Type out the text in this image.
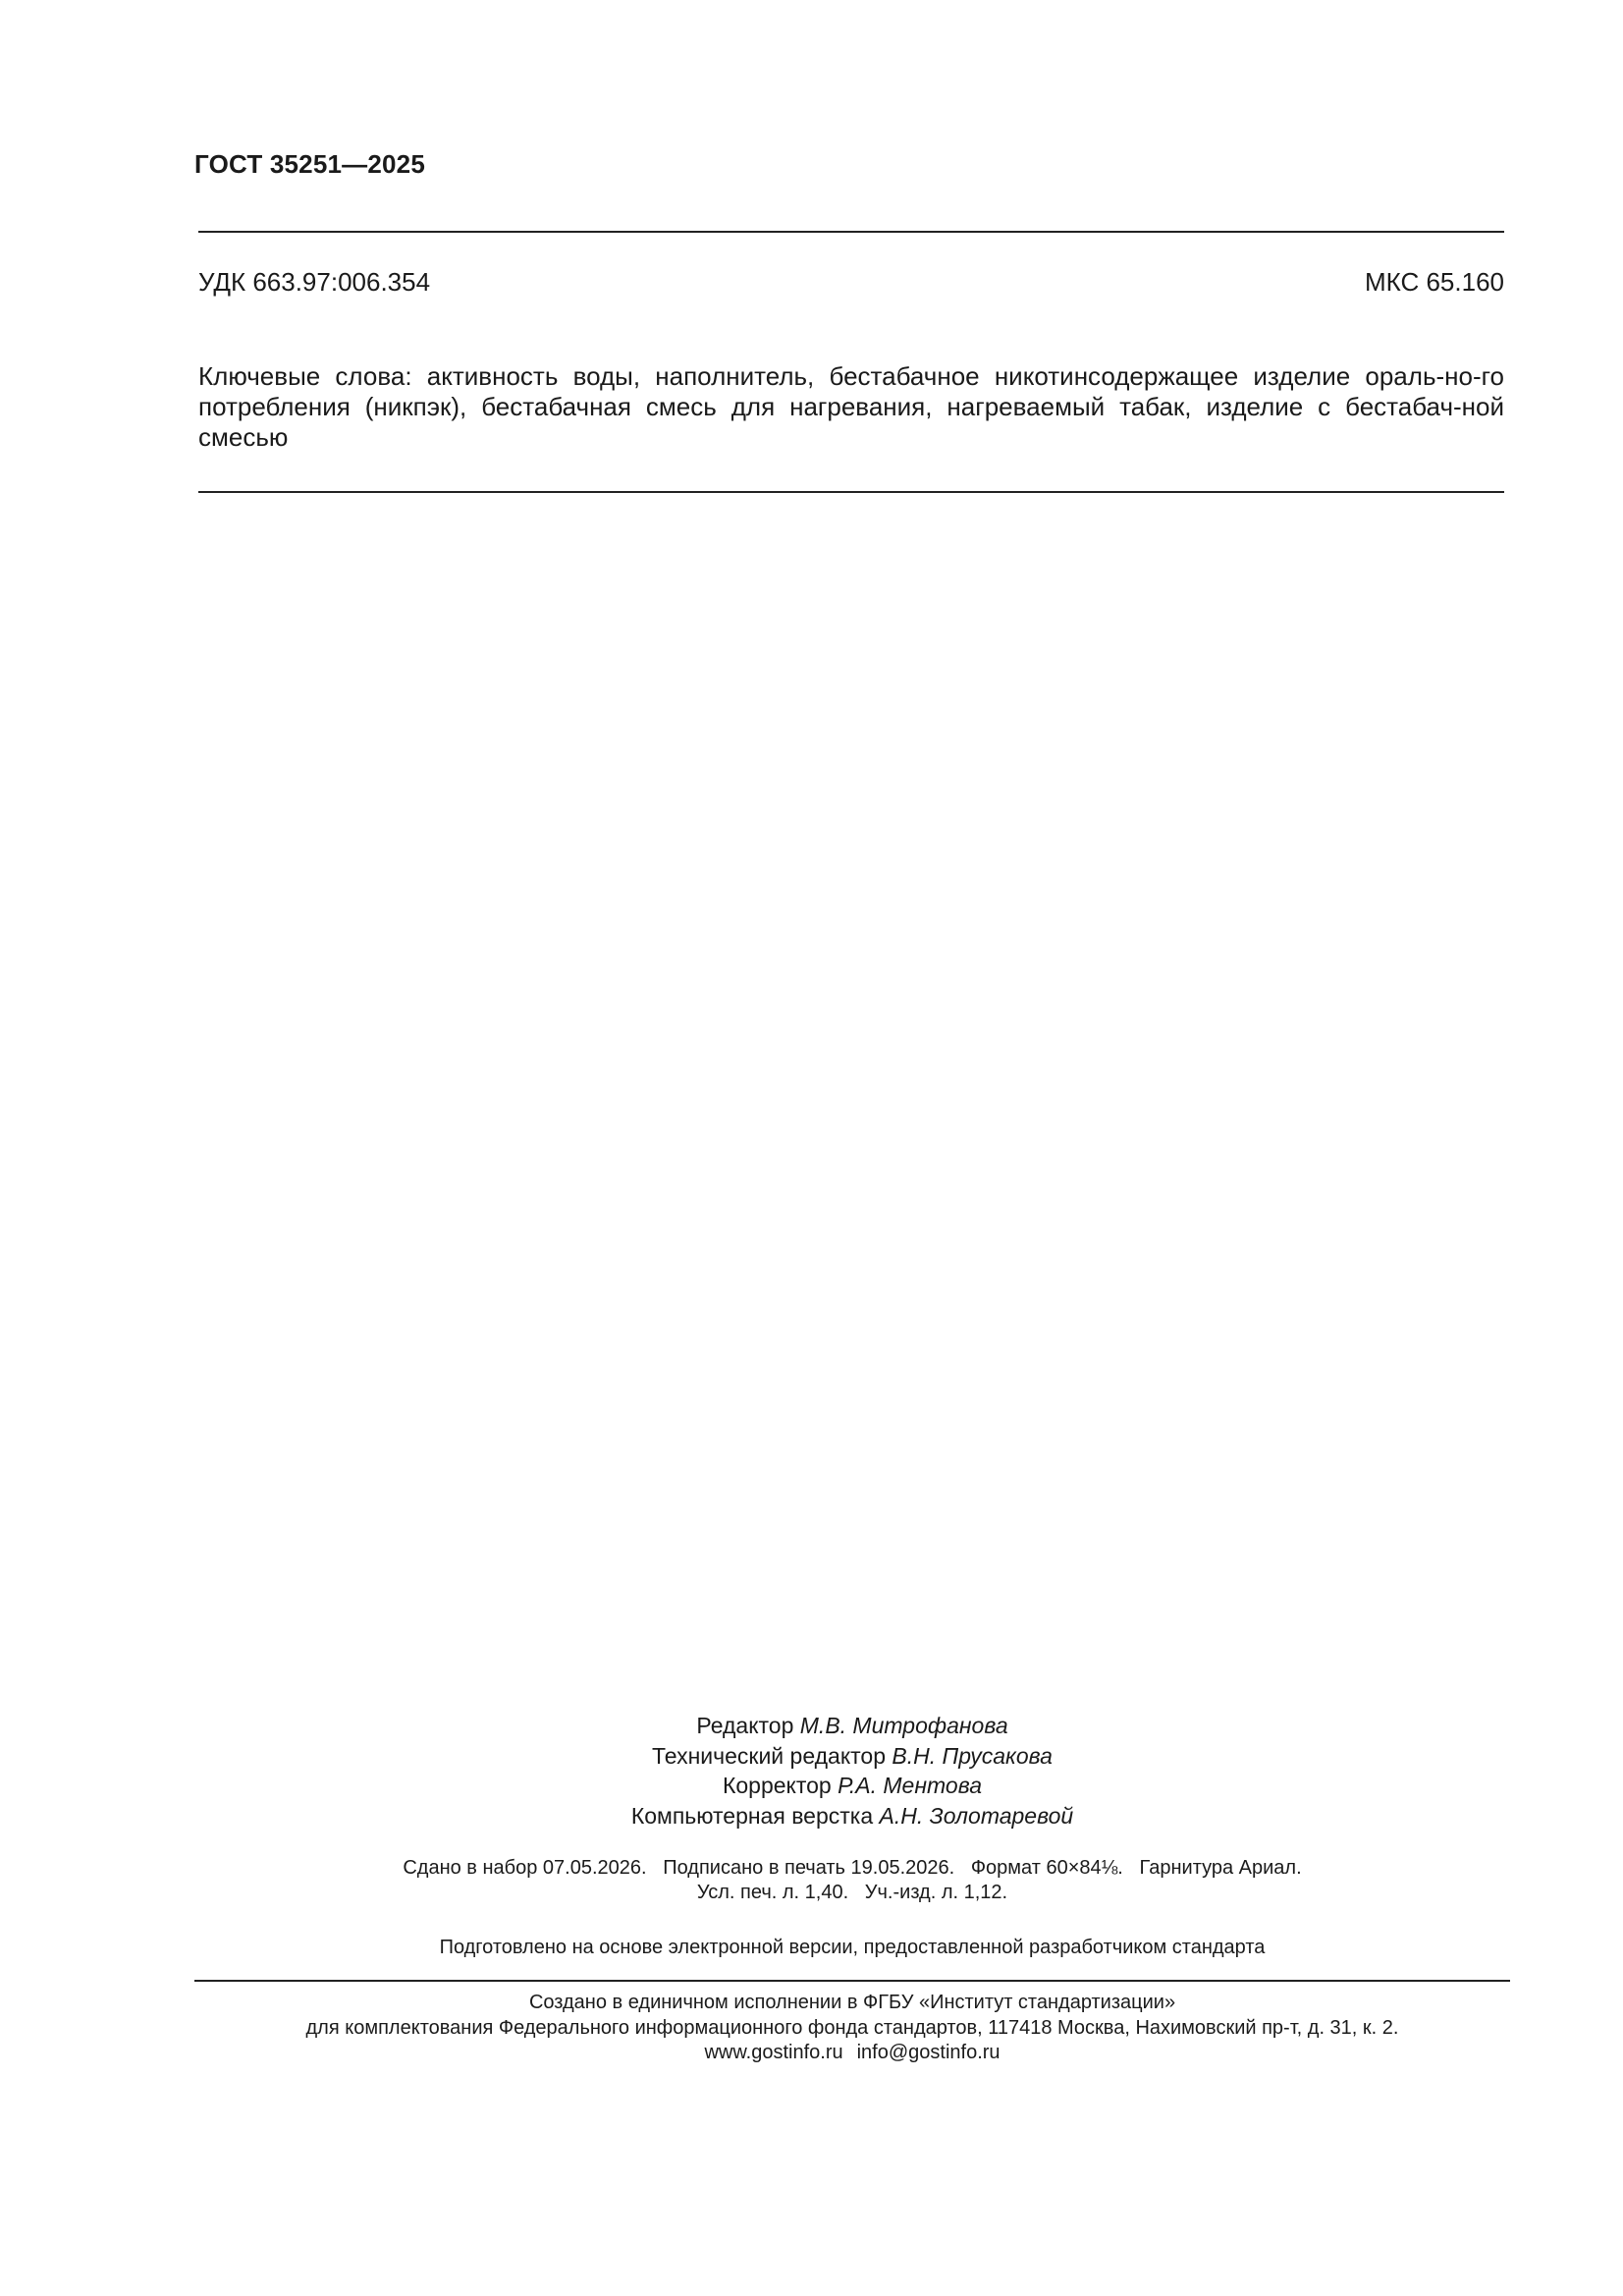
ГОСТ 35251—2025
УДК 663.97:006.354	МКС 65.160
Ключевые слова: активность воды, наполнитель, бестабачное никотинсодержащее изделие ораль-но-го потребления (никпэк), бестабачная смесь для нагревания, нагреваемый табак, изделие с бестабач-ной смесью
Редактор М.В. Митрофанова
Технический редактор В.Н. Прусакова
Корректор Р.А. Ментова
Компьютерная верстка А.Н. Золотаревой
Сдано в набор 07.05.2026.   Подписано в печать 19.05.2026.   Формат 60×84⅛.   Гарнитура Ариал.
Усл. печ. л. 1,40.   Уч.-изд. л. 1,12.
Подготовлено на основе электронной версии, предоставленной разработчиком стандарта
Создано в единичном исполнении в ФГБУ «Институт стандартизации»
для комплектования Федерального информационного фонда стандартов, 117418 Москва, Нахимовский пр-т, д. 31, к. 2.
www.gostinfo.ru info@gostinfo.ru
